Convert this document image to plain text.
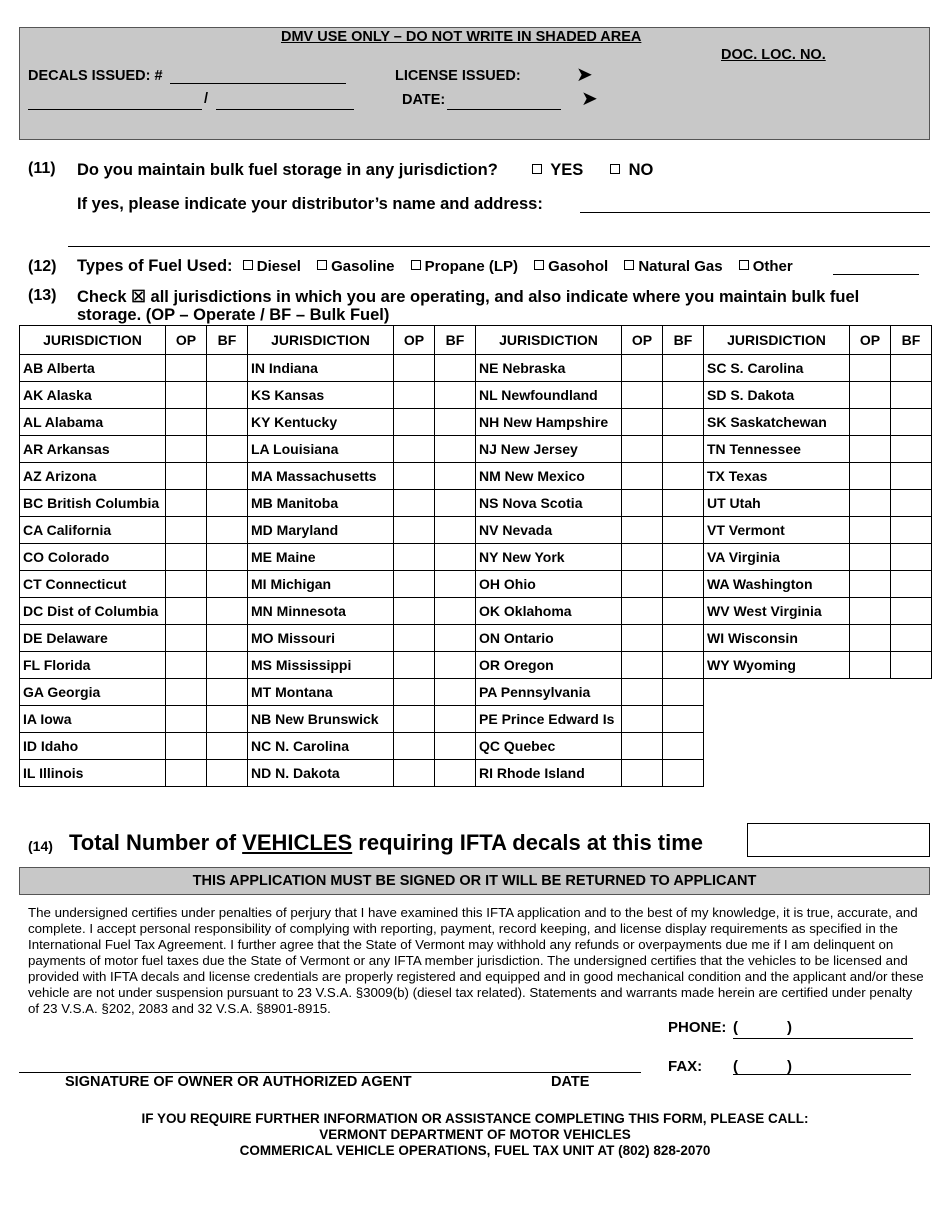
DMV USE ONLY – DO NOT WRITE IN SHADED AREA
DOC. LOC. NO.
DECALS ISSUED: #	LICENSE ISSUED:	➤
/	DATE:	➤
(11) Do you maintain bulk fuel storage in any jurisdiction?	YES	NO
If yes, please indicate your distributor’s name and address:
(12) Types of Fuel Used: Diesel Gasoline Propane (LP) Gasohol Natural Gas Other
(13) Check ☒ all jurisdictions in which you are operating, and also indicate where you maintain bulk fuel
storage. (OP – Operate / BF – Bulk Fuel)
JURISDICTION	OP	BF	JURISDICTION	OP	BF	JURISDICTION	OP	BF	JURISDICTION	OP	BF
AB Alberta			IN Indiana			NE Nebraska			SC S. Carolina		
AK Alaska			KS Kansas			NL Newfoundland			SD S. Dakota		
AL Alabama			KY Kentucky			NH New Hampshire			SK Saskatchewan		
AR Arkansas			LA Louisiana			NJ New Jersey			TN Tennessee		
AZ Arizona			MA Massachusetts			NM New Mexico			TX Texas		
BC British Columbia			MB Manitoba			NS Nova Scotia			UT Utah		
CA California			MD Maryland			NV Nevada			VT Vermont		
CO Colorado			ME Maine			NY New York			VA Virginia		
CT Connecticut			MI Michigan			OH Ohio			WA Washington		
DC Dist of Columbia			MN Minnesota			OK Oklahoma			WV West Virginia		
DE Delaware			MO Missouri			ON Ontario			WI Wisconsin		
FL Florida			MS Mississippi			OR Oregon			WY Wyoming		
GA Georgia			MT Montana			PA Pennsylvania					
IA Iowa			NB New Brunswick			PE Prince Edward Is					
ID Idaho			NC N. Carolina			QC Quebec					
IL Illinois			ND N. Dakota			RI Rhode Island					
(14) Total Number of VEHICLES requiring IFTA decals at this time
THIS APPLICATION MUST BE SIGNED OR IT WILL BE RETURNED TO APPLICANT
The undersigned certifies under penalties of perjury that I have examined this IFTA application and to the best of my knowledge, it is true, accurate, and complete. I accept personal responsibility of complying with reporting, payment, record keeping, and license display requirements as specified in the International Fuel Tax Agreement. I further agree that the State of Vermont may withhold any refunds or overpayments due me if I am delinquent on payments of motor fuel taxes due the State of Vermont or any IFTA member jurisdiction. The undersigned certifies that the vehicles to be licensed and provided with IFTA decals and license credentials are properly registered and equipped and in good mechanical condition and the applicant and/or these vehicle are not under suspension pursuant to 23 V.S.A. §3009(b) (diesel tax related). Statements and warrants made herein are certified under penalty of 23 V.S.A. §202, 2083 and 32 V.S.A. §8901-8915.
PHONE: (	)
FAX: (	)
SIGNATURE OF OWNER OR AUTHORIZED AGENT	DATE
IF YOU REQUIRE FURTHER INFORMATION OR ASSISTANCE COMPLETING THIS FORM, PLEASE CALL:
VERMONT DEPARTMENT OF MOTOR VEHICLES
COMMERICAL VEHICLE OPERATIONS, FUEL TAX UNIT AT (802) 828-2070
